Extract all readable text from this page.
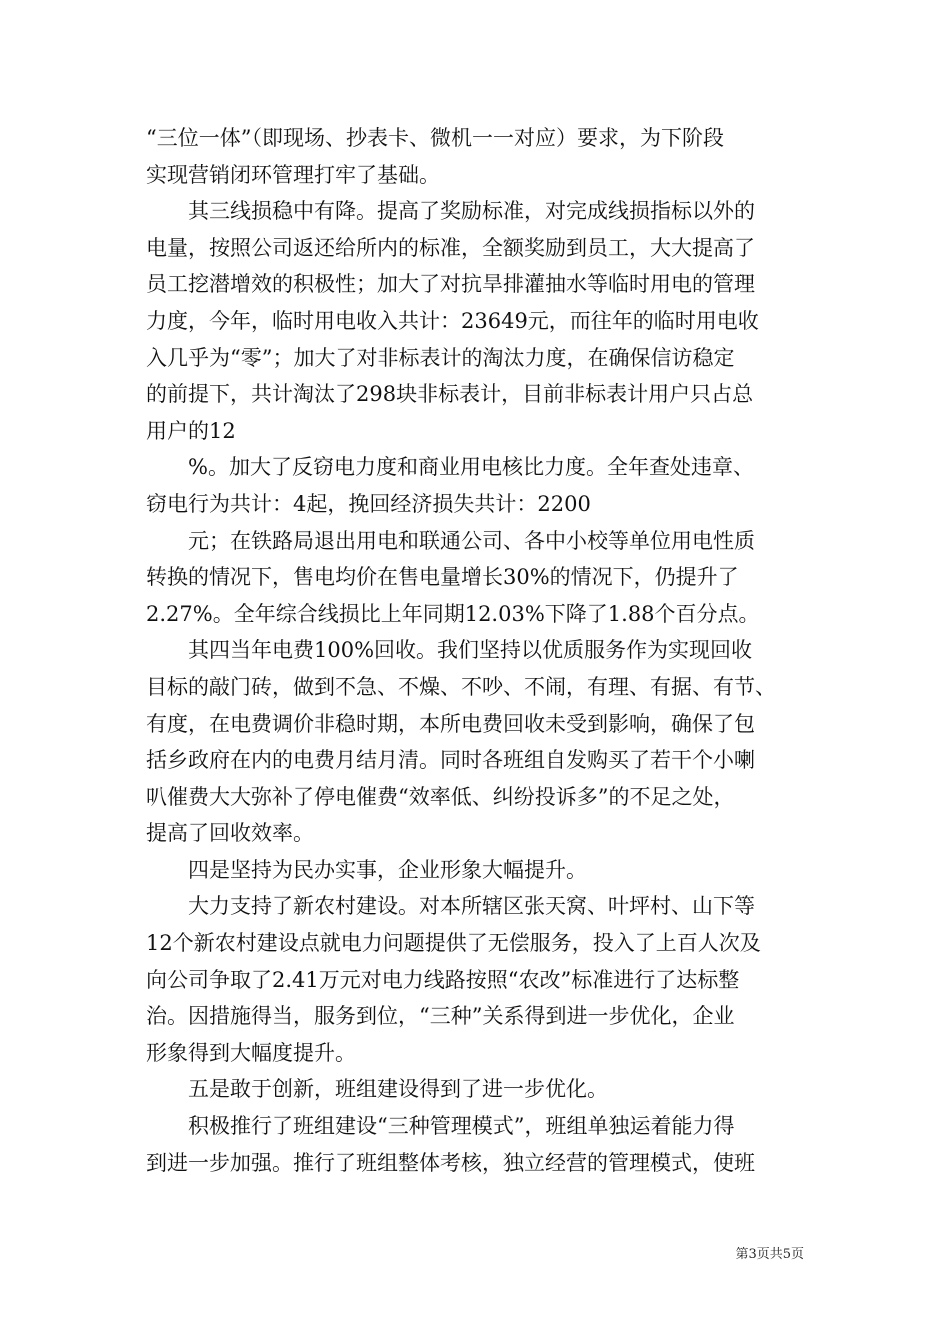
“三位一体”（即现场、抄表卡、微机一一对应）要求，为下阶段
实现营销闭环管理打牢了基础。
　　其三线损稳中有降。提高了奖励标准，对完成线损指标以外的
电量，按照公司返还给所内的标准，全额奖励到员工，大大提高了
员工挖潜增效的积极性；加大了对抗旱排灌抽水等临时用电的管理
力度，今年，临时用电收入共计：23649元，而往年的临时用电收
入几乎为“零”；加大了对非标表计的淘汰力度，在确保信访稳定
的前提下，共计淘汰了298块非标表计，目前非标表计用户只占总
用户的12
　　%。加大了反窃电力度和商业用电核比力度。全年查处违章、
窃电行为共计：4起，挽回经济损失共计：2200
　　元；在铁路局退出用电和联通公司、各中小校等单位用电性质
转换的情况下，售电均价在售电量增长30%的情况下，仍提升了
2.27%。全年综合线损比上年同期12.03%下降了1.88个百分点。
　　其四当年电费100%回收。我们坚持以优质服务作为实现回收
目标的敲门砖，做到不急、不燥、不吵、不闹，有理、有据、有节、
有度，在电费调价非稳时期，本所电费回收未受到影响，确保了包
括乡政府在内的电费月结月清。同时各班组自发购买了若干个小喇
叭催费大大弥补了停电催费“效率低、纠纷投诉多”的不足之处，
提高了回收效率。
　　四是坚持为民办实事，企业形象大幅提升。
　　大力支持了新农村建设。对本所辖区张天窝、叶坪村、山下等
12个新农村建设点就电力问题提供了无偿服务，投入了上百人次及
向公司争取了2.41万元对电力线路按照“农改”标准进行了达标整
治。因措施得当，服务到位，“三种”关系得到进一步优化，企业
形象得到大幅度提升。
　　五是敢于创新，班组建设得到了进一步优化。
　　积极推行了班组建设“三种管理模式”，班组单独运着能力得
到进一步加强。推行了班组整体考核，独立经营的管理模式，使班
第3页共5页
